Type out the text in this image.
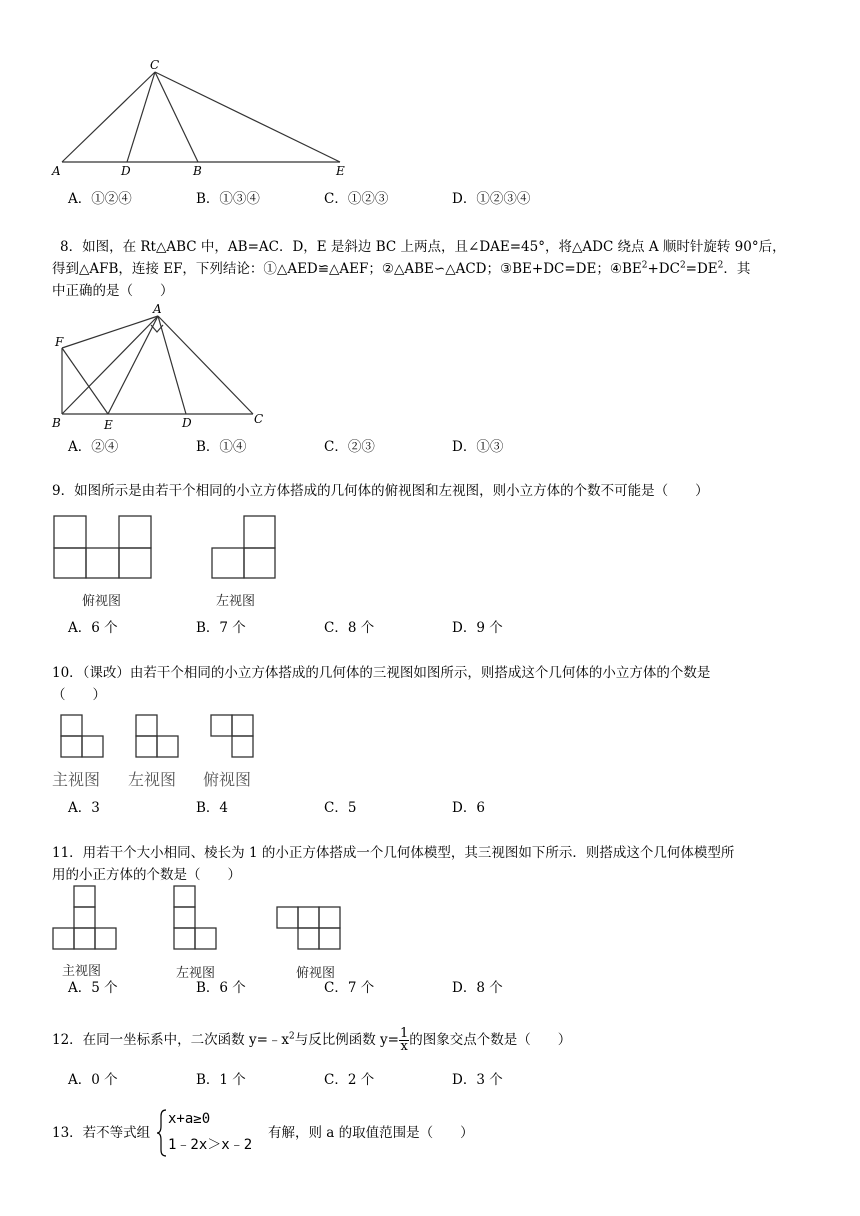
C
A	D	B	E
A．①②④	B．①③④	C．①②③	D．①②③④
8．如图，在 Rt△ABC 中，AB=AC．D，E 是斜边 BC 上两点，且∠DAE=45°，将△ADC 绕点 A 顺时针旋转 90°后，
得到△AFB，连接 EF，下列结论：①△AED≌△AEF；②△ABE∽△ACD；③BE+DC=DE；$④BE^2+DC^2=DE^2$．其
中正确的是（　　）
A
F
B	E	D	C
A．②④	B．①④	C．②③	D．①③
9．如图所示是由若干个相同的小立方体搭成的几何体的俯视图和左视图，则小立方体的个数不可能是（　　）
俯视图	左视图
A．6 个	B．7 个	C．8 个	D．9 个
10．（课改）由若干个相同的小立方体搭成的几何体的三视图如图所示，则搭成这个几何体的小立方体的个数是
（　　）
主视图 左视图 俯视图
A．3	B．4	C．5	D．6
11．用若干个大小相同、棱长为 1 的小正方体搭成一个几何体模型，其三视图如下所示．则搭成这个几何体模型所
用的小正方体的个数是（　　）
主视图	左视图	俯视图
A．5 个	B．6 个	C．7 个	D．8 个
12．在同一坐标系中，二次函数 $y=﹣x^2$与反比例函数 $y= \frac{1}{x}$ 的图象交点个数是（　　）
A．0 个	B．1 个	C．2 个	D．3 个
13．若不等式组
x+a≥0
1﹣2x＞x﹣2
有解，则 a 的取值范围是（　　）
